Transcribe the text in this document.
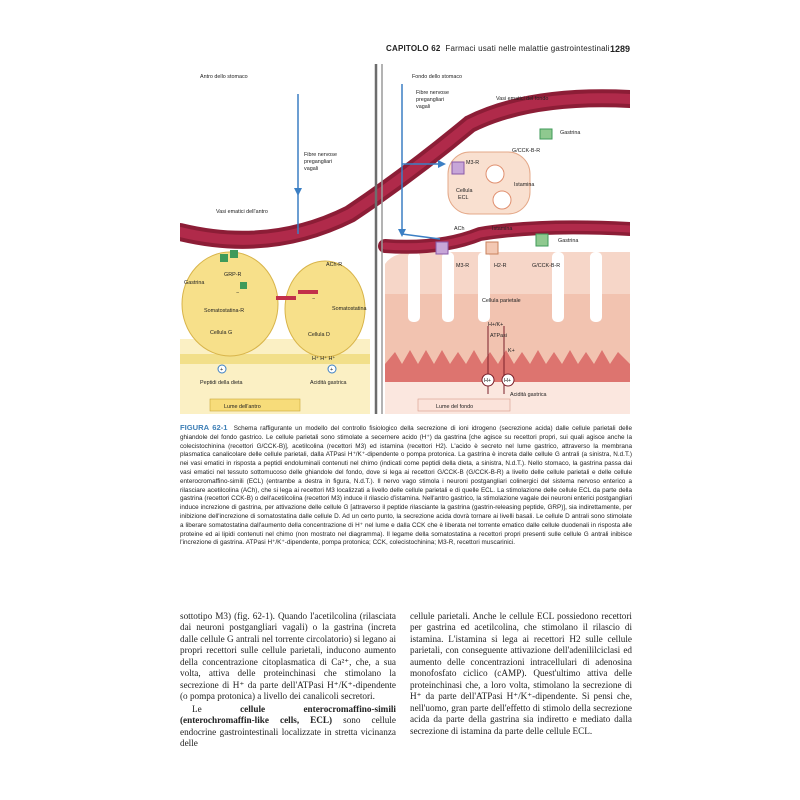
CAPITOLO 62 Farmaci usati nelle malattie gastrointestinali 1289
Antro dello stomaco	Fondo dello stomaco
Fibre nervose
pregangliari
vagali
Vasi ematici del fondo
Fibre nervose
pregangliari
vagali
Gastrina
G/CCK-B-R
M3-R
Istamina
Cellula
ECL
Vasi ematici dell'antro
ACh	Istamina
Gastrina
ACh-R	M3-R	H2-R	G/CCK-B-R
GRP-R
Gastrina
Somatostatina-R	Somatostatina
Cellula parietale
H+/K+
ATPasi
Cellula G	Cellula D
H+ H+
K+
H⁺ H⁺ H⁺
Peptidi della dieta	Acidità gastrica
Acidità gastrica
Lume dell'antro	Lume del fondo
−
−
+	+
FIGURA 62-1 Schema raffigurante un modello del controllo fisiologico della secrezione di ioni idrogeno (secrezione acida) dalle cellule parietali delle ghiandole del fondo gastrico. Le cellule parietali sono stimolate a secernere acido (H⁺) da gastrina [che agisce su recettori propri, sui quali agisce anche la colecistochinina (recettori G/CCK-B)], acetilcolina (recettori M3) ed istamina (recettori H2). L'acido è secreto nel lume gastrico, attraverso la membrana plasmatica canalicolare delle cellule parietali, dalla ATPasi H⁺/K⁺-dipendente o pompa protonica. La gastrina è increta dalle cellule G antrali (a sinistra, N.d.T.) nei vasi ematici in risposta a peptidi endoluminali contenuti nel chimo (indicati come peptidi della dieta, a sinistra, N.d.T.). Nello stomaco, la gastrina passa dai vasi ematici nel tessuto sottomucoso delle ghiandole del fondo, dove si lega ai recettori G/CCK-B (G/CCK-B-R) a livello delle cellule parietali e delle cellule enterocromaffino-simili (ECL) (entrambe a destra in figura, N.d.T.). Il nervo vago stimola i neuroni postgangliari colinergici del sistema nervoso enterico a rilasciare acetilcolina (ACh), che si lega ai recettori M3 localizzati a livello delle cellule parietali e di quelle ECL. La stimolazione delle cellule ECL da parte della gastrina (recettori CCK-B) o dell'acetilcolina (recettori M3) induce il rilascio d'istamina. Nell'antro gastrico, la stimolazione vagale dei neuroni enterici postgangliari induce increzione di gastrina, per attivazione delle cellule G [attraverso il peptide rilasciante la gastrina (gastrin-releasing peptide, GRP)], sia indirettamente, per inibizione dell'increzione di somatostatina dalle cellule D. Ad un certo punto, la secrezione acida dovrà tornare ai livelli basali. Le cellule D antrali sono stimolate a liberare somatostatina dall'aumento della concentrazione di H⁺ nel lume e dalla CCK che è liberata nel torrente ematico dalle cellule duodenali in risposta alle proteine ed ai lipidi contenuti nel chimo (non mostrato nel diagramma). Il legame della somatostatina a recettori propri presenti sulle cellule G antrali inibisce l'increzione di gastrina. ATPasi H⁺/K⁺-dipendente, pompa protonica; CCK, colecistochinina; M3-R, recettori muscarinici.

sottotipo M3) (fig. 62-1). Quando l'acetilcolina (rilasciata dai neuroni postgangliari vagali) o la gastrina (increta dalle cellule G antrali nel torrente circolatorio) si legano ai propri recettori sulle cellule parietali, inducono aumento della concentrazione citoplasmatica di Ca²⁺, che, a sua volta, attiva delle proteinchinasi che stimolano la secrezione di H⁺ da parte dell'ATPasi H⁺/K⁺-dipendente (o pompa protonica) a livello dei canalicoli secretori.

Le	cellule enterocromaffino-simili (enterochromaffin-like cells, ECL) sono cellule endocrine gastrointestinali localizzate in stretta vicinanza delle

cellule parietali. Anche le cellule ECL possiedono recettori per gastrina ed acetilcolina, che stimolano il rilascio di istamina. L'istamina si lega ai recettori H2 sulle cellule parietali, con conseguente attivazione dell'adenililciclasi ed aumento delle concentrazioni intracellulari di adenosina monofosfato ciclico (cAMP). Quest'ultimo attiva delle proteinchinasi che, a loro volta, stimolano la secrezione di H⁺ da parte dell'ATPasi H⁺/K⁺-dipendente. Si pensi che, nell'uomo, gran parte dell'effetto di stimolo della secrezione acida da parte della gastrina sia indiretto e mediato dalla secrezione di istamina da parte delle cellule ECL.
